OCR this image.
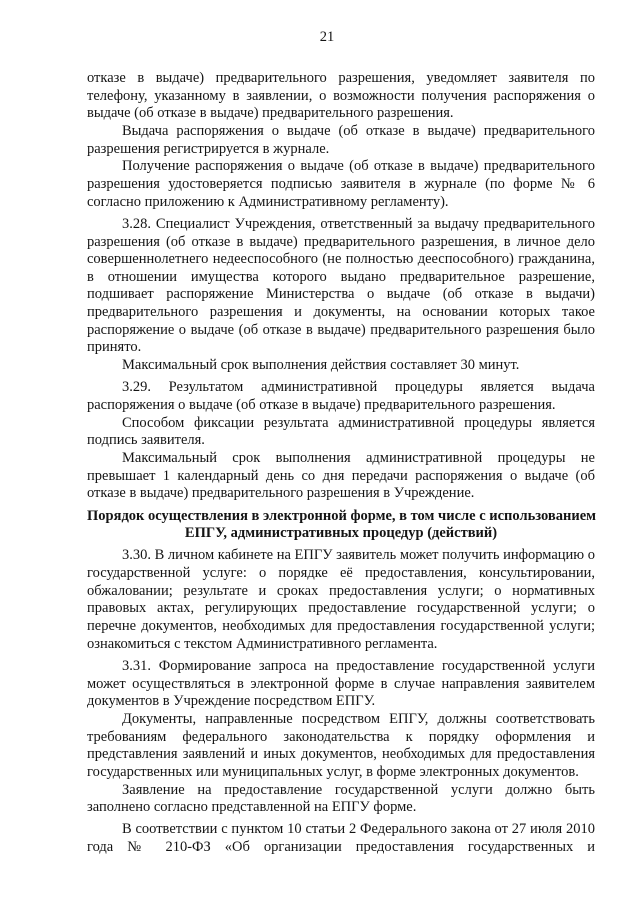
21
отказе в выдаче) предварительного разрешения, уведомляет заявителя по
телефону, указанному в заявлении, о возможности получения распоряжения о
выдаче (об отказе в выдаче) предварительного разрешения.
Выдача распоряжения о выдаче (об отказе в выдаче) предварительного
разрешения регистрируется в журнале.
Получение распоряжения о выдаче (об отказе в выдаче) предварительного
разрешения удостоверяется подписью заявителя в журнале (по форме № 6
согласно приложению к Административному регламенту).
3.28. Специалист Учреждения, ответственный за выдачу предварительного
разрешения (об отказе в выдаче) предварительного разрешения, в личное дело
совершеннолетнего недееспособного (не полностью дееспособного) гражданина,
в отношении имущества которого выдано предварительное разрешение,
подшивает распоряжение Министерства о выдаче (об отказе в выдачи)
предварительного разрешения и документы, на основании которых такое
распоряжение о выдаче (об отказе в выдаче) предварительного разрешения было
принято.
Максимальный срок выполнения действия составляет 30 минут.
3.29. Результатом административной процедуры является выдача
распоряжения о выдаче (об отказе в выдаче) предварительного разрешения.
Способом фиксации результата административной процедуры является
подпись заявителя.
Максимальный срок выполнения административной процедуры не
превышает 1 календарный день со дня передачи распоряжения о выдаче (об
отказе в выдаче) предварительного разрешения в Учреждение.
Порядок осуществления в электронной форме, в том числе с использованием
ЕПГУ, административных процедур (действий)
3.30. В личном кабинете на ЕПГУ заявитель может получить информацию о
государственной услуге: о порядке её предоставления, консультировании,
обжаловании; результате и сроках предоставления услуги; о нормативных
правовых актах, регулирующих предоставление государственной услуги; о
перечне документов, необходимых для предоставления государственной услуги;
ознакомиться с текстом Административного регламента.
3.31. Формирование запроса на предоставление государственной услуги
может осуществляться в электронной форме в случае направления заявителем
документов в Учреждение посредством ЕПГУ.
Документы, направленные посредством ЕПГУ, должны соответствовать
требованиям федерального законодательства к порядку оформления и
представления заявлений и иных документов, необходимых для предоставления
государственных или муниципальных услуг, в форме электронных документов.
Заявление на предоставление государственной услуги должно быть
заполнено согласно представленной на ЕПГУ форме.
В соответствии с пунктом 10 статьи 2 Федерального закона от 27 июля 2010
года № 210-ФЗ «Об организации предоставления государственных и
